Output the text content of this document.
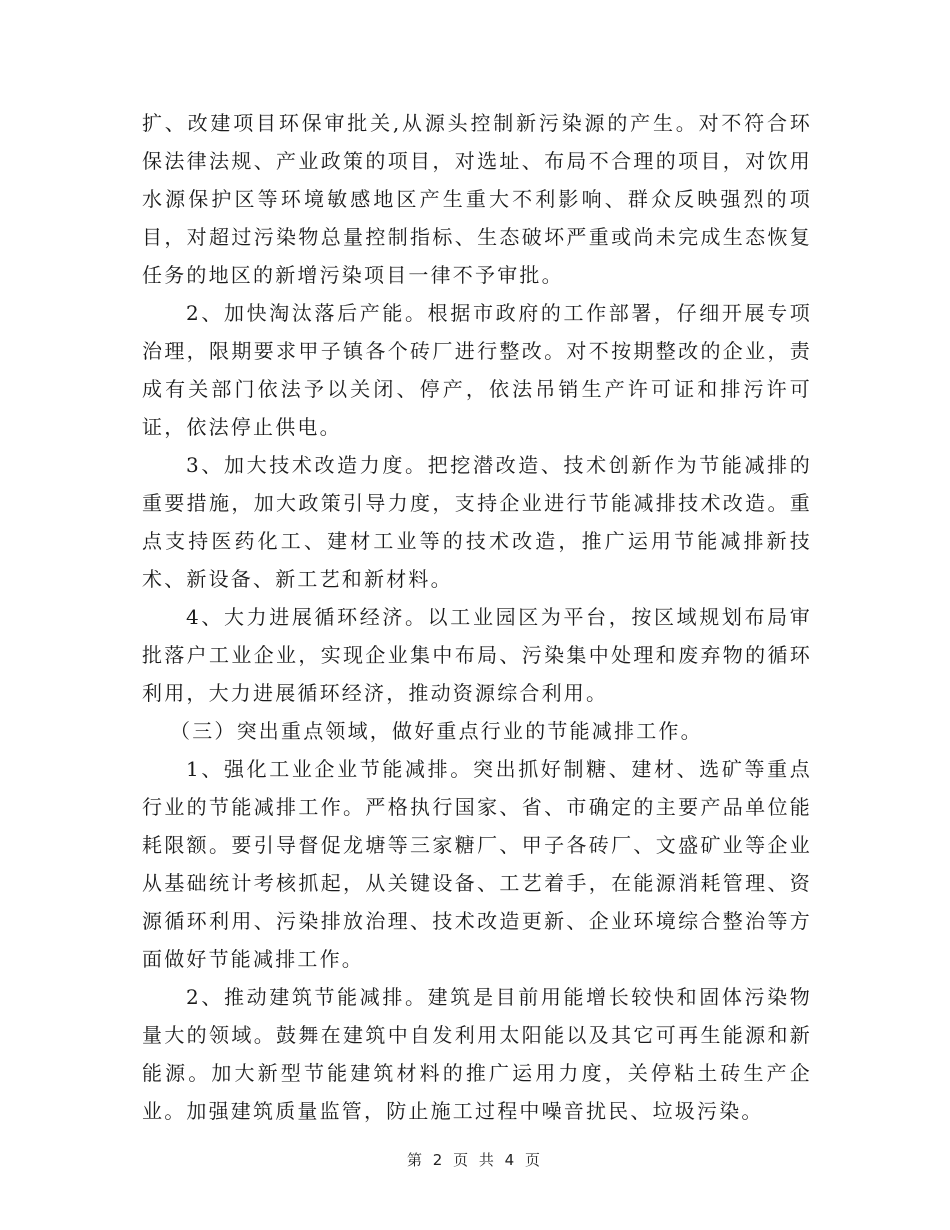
扩、改建项目环保审批关,从源头控制新污染源的产生。对不符合环保法律法规、产业政策的项目，对选址、布局不合理的项目，对饮用水源保护区等环境敏感地区产生重大不利影响、群众反映强烈的项目，对超过污染物总量控制指标、生态破坏严重或尚未完成生态恢复任务的地区的新增污染项目一律不予审批。

2、加快淘汰落后产能。根据市政府的工作部署，仔细开展专项治理，限期要求甲子镇各个砖厂进行整改。对不按期整改的企业，责成有关部门依法予以关闭、停产，依法吊销生产许可证和排污许可证，依法停止供电。

3、加大技术改造力度。把挖潜改造、技术创新作为节能减排的重要措施，加大政策引导力度，支持企业进行节能减排技术改造。重点支持医药化工、建材工业等的技术改造，推广运用节能减排新技术、新设备、新工艺和新材料。

4、大力进展循环经济。以工业园区为平台，按区域规划布局审批落户工业企业，实现企业集中布局、污染集中处理和废弃物的循环利用，大力进展循环经济，推动资源综合利用。

（三）突出重点领域，做好重点行业的节能减排工作。

1、强化工业企业节能减排。突出抓好制糖、建材、选矿等重点行业的节能减排工作。严格执行国家、省、市确定的主要产品单位能耗限额。要引导督促龙塘等三家糖厂、甲子各砖厂、文盛矿业等企业从基础统计考核抓起，从关键设备、工艺着手，在能源消耗管理、资源循环利用、污染排放治理、技术改造更新、企业环境综合整治等方面做好节能减排工作。

2、推动建筑节能减排。建筑是目前用能增长较快和固体污染物量大的领域。鼓舞在建筑中自发利用太阳能以及其它可再生能源和新能源。加大新型节能建筑材料的推广运用力度，关停粘土砖生产企业。加强建筑质量监管，防止施工过程中噪音扰民、垃圾污染。

第 2 页 共 4 页
